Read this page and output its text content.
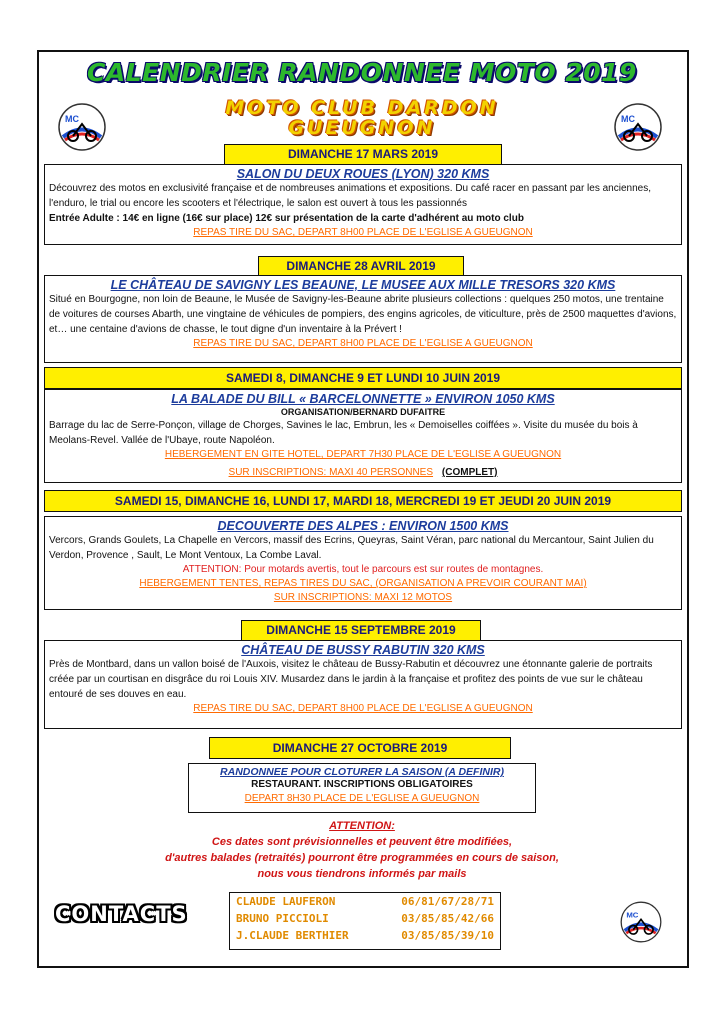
CALENDRIER RANDONNEE MOTO 2019
MOTO CLUB DARDON
GUEUGNON
MC	MC
DIMANCHE 17 MARS 2019
SALON DU DEUX ROUES (LYON) 320 KMS
Découvrez des motos en exclusivité française et de nombreuses animations et expositions. Du café racer en passant par les anciennes, l'enduro, le trial ou encore les scooters et l'électrique, le salon est ouvert à tous les passionnés
Entrée Adulte : 14€ en ligne (16€ sur place) 12€ sur présentation de la carte d'adhérent au moto club
REPAS TIRE DU SAC, DEPART 8H00 PLACE DE L'EGLISE A GUEUGNON
DIMANCHE 28 AVRIL 2019
LE CHÂTEAU DE SAVIGNY LES BEAUNE, LE MUSEE AUX MILLE TRESORS 320 KMS
Situé en Bourgogne, non loin de Beaune, le Musée de Savigny-les-Beaune abrite plusieurs collections : quelques 250 motos, une trentaine de voitures de courses Abarth, une vingtaine de véhicules de pompiers, des engins agricoles, de viticulture, près de 2500 maquettes d'avions, et… une centaine d'avions de chasse, le tout digne d'un inventaire à la Prévert !
REPAS TIRE DU SAC, DEPART 8H00 PLACE DE L'EGLISE A GUEUGNON
SAMEDI 8, DIMANCHE 9 ET LUNDI 10 JUIN 2019
LA BALADE DU BILL « BARCELONNETTE » ENVIRON 1050 KMS
ORGANISATION/BERNARD DUFAITRE
Barrage du lac de Serre-Ponçon, village de Chorges, Savines le lac, Embrun, les « Demoiselles coiffées ». Visite du musée du bois à Meolans-Revel. Vallée de l'Ubaye, route Napoléon.
HEBERGEMENT EN GITE HOTEL, DEPART 7H30 PLACE DE L'EGLISE A GUEUGNON
SUR INSCRIPTIONS: MAXI 40 PERSONNES (COMPLET)
SAMEDI 15, DIMANCHE 16, LUNDI 17, MARDI 18, MERCREDI 19 ET JEUDI 20 JUIN 2019
DECOUVERTE DES ALPES : ENVIRON 1500 KMS
Vercors, Grands Goulets, La Chapelle en Vercors, massif des Ecrins, Queyras, Saint Véran, parc national du Mercantour, Saint Julien du Verdon, Provence , Sault, Le Mont Ventoux, La Combe Laval.
ATTENTION: Pour motards avertis, tout le parcours est sur routes de montagnes.
HEBERGEMENT TENTES, REPAS TIRES DU SAC, (ORGANISATION A PREVOIR COURANT MAI)
SUR INSCRIPTIONS: MAXI 12 MOTOS
DIMANCHE 15 SEPTEMBRE 2019
CHÂTEAU DE BUSSY RABUTIN 320 KMS
Près de Montbard, dans un vallon boisé de l'Auxois, visitez le château de Bussy-Rabutin et découvrez une étonnante galerie de portraits créée par un courtisan en disgrâce du roi Louis XIV. Musardez dans le jardin à la française et profitez des points de vue sur le château entouré de ses douves en eau.
REPAS TIRE DU SAC, DEPART 8H00 PLACE DE L'EGLISE A GUEUGNON
DIMANCHE 27 OCTOBRE 2019
RANDONNEE POUR CLOTURER LA SAISON (A DEFINIR)
RESTAURANT. INSCRIPTIONS OBLIGATOIRES
DEPART 8H30 PLACE DE L'EGLISE A GUEUGNON
ATTENTION:
Ces dates sont prévisionnelles et peuvent être modifiées,
d'autres balades (retraités) pourront être programmées en cours de saison,
nous vous tiendrons informés par mails
CONTACTS
CLAUDE LAUFERON	06/81/67/28/71
BRUNO PICCIOLI	03/85/85/42/66
J.CLAUDE BERTHIER	03/85/85/39/10
MC
